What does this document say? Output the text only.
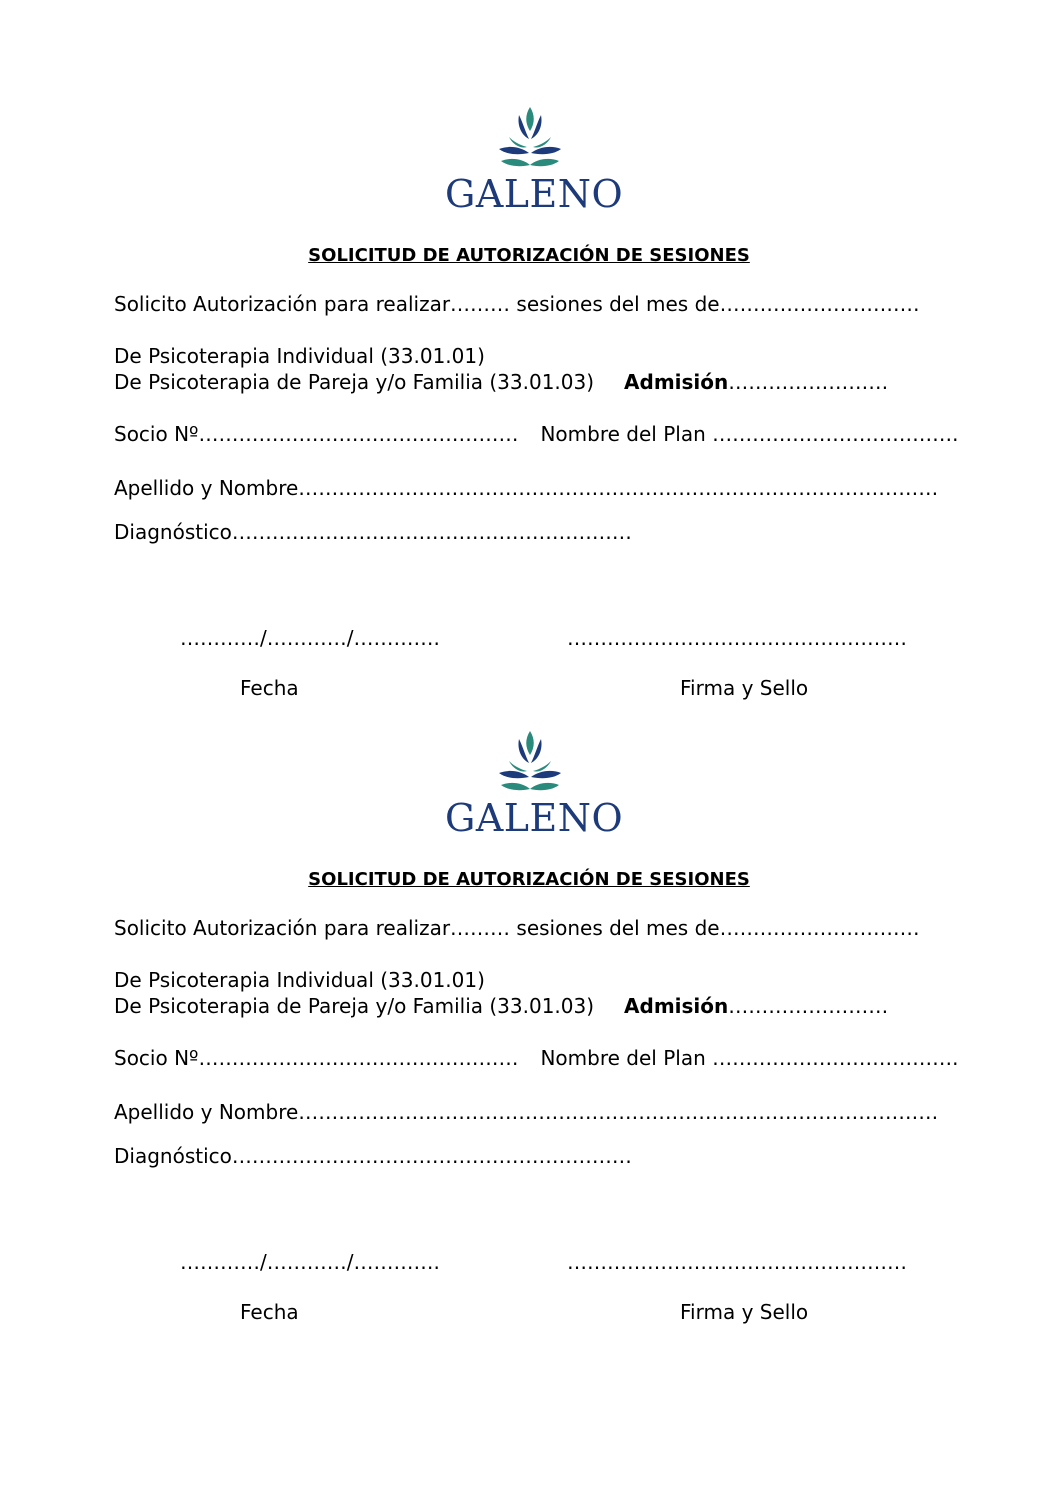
GALENO
SOLICITUD DE AUTORIZACIÓN DE SESIONES
Solicito Autorización para realizar……… sesiones del mes de…………………………
De Psicoterapia Individual (33.01.01)
De Psicoterapia de Pareja y/o Familia (33.01.03) Admisión……………………
Socio Nº………………………………………… Nombre del Plan ……………………………….
Apellido y Nombre……………………………………………………………………………………
Diagnóstico……………………………………………………
…………/…………/………….	……………………………………………
Fecha	Firma y Sello
GALENO
SOLICITUD DE AUTORIZACIÓN DE SESIONES
Solicito Autorización para realizar……… sesiones del mes de…………………………
De Psicoterapia Individual (33.01.01)
De Psicoterapia de Pareja y/o Familia (33.01.03) Admisión……………………
Socio Nº………………………………………… Nombre del Plan ……………………………….
Apellido y Nombre……………………………………………………………………………………
Diagnóstico……………………………………………………
…………/…………/………….	……………………………………………
Fecha	Firma y Sello
